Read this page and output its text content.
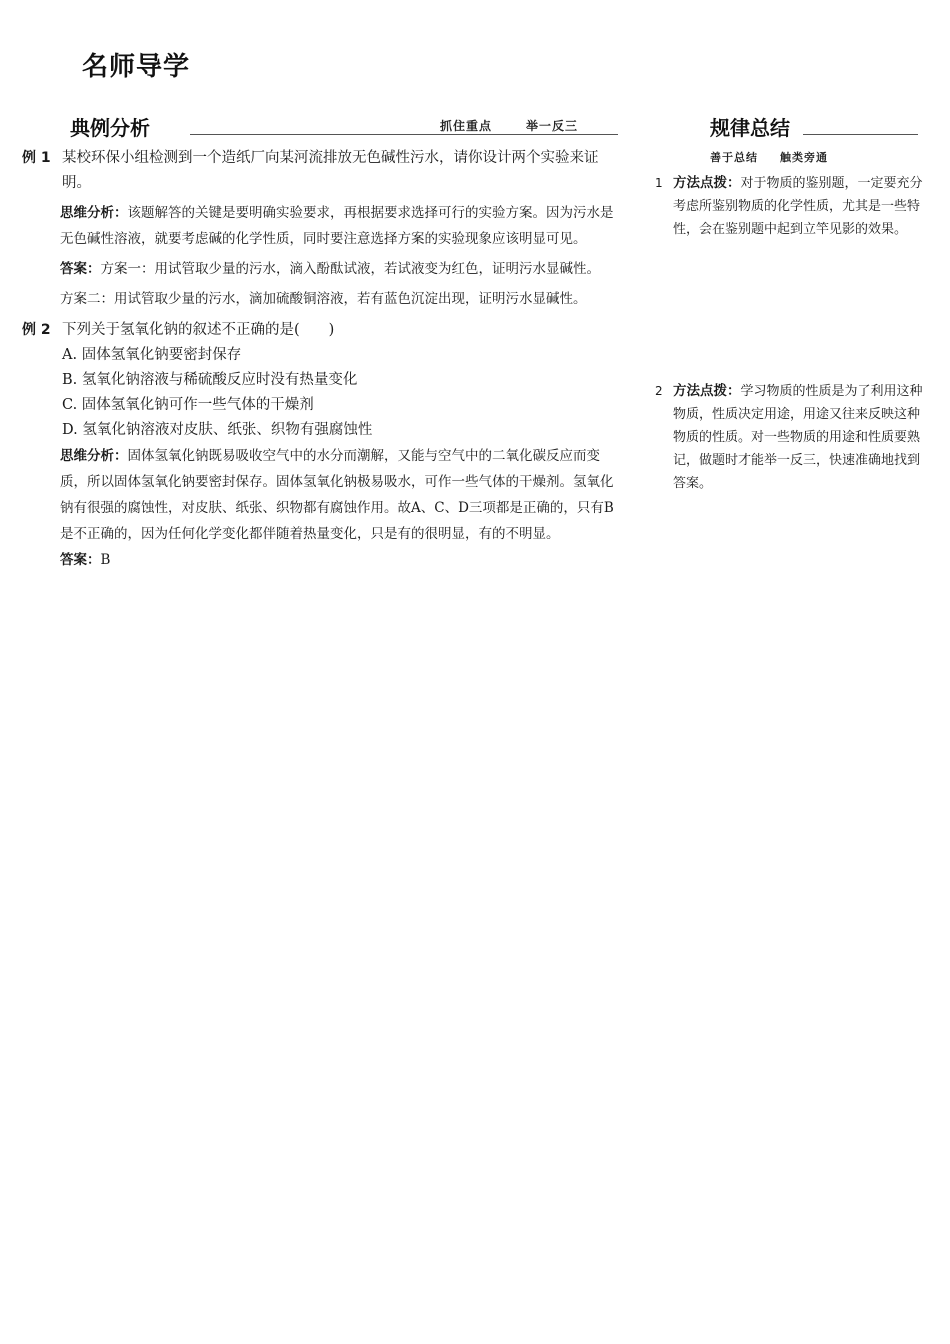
名师导学
典例分析	抓住重点	举一反三	规律总结
善于总结 触类旁通
例 1 某校环保小组检测到一个造纸厂向某河流排放无色碱性污水，请你设计两个实验来证明。

思维分析：该题解答的关键是要明确实验要求，再根据要求选择可行的实验方案。因为污水是无色碱性溶液，就要考虑碱的化学性质，同时要注意选择方案的实验现象应该明显可见。
答案：方案一：用试管取少量的污水，滴入酚酞试液，若试液变为红色，证明污水显碱性。
方案二：用试管取少量的污水，滴加硫酸铜溶液，若有蓝色沉淀出现，证明污水显碱性。
例 2 下列关于氢氧化钠的叙述不正确的是(　　)

A. 固体氢氧化钠要密封保存

B. 氢氧化钠溶液与稀硫酸反应时没有热量变化

C. 固体氢氧化钠可作一些气体的干燥剂

D. 氢氧化钠溶液对皮肤、纸张、织物有强腐蚀性

思维分析：固体氢氧化钠既易吸收空气中的水分而潮解，又能与空气中的二氧化碳反应而变质，所以固体氢氧化钠要密封保存。固体氢氧化钠极易吸水，可作一些气体的干燥剂。氢氧化钠有很强的腐蚀性，对皮肤、纸张、织物都有腐蚀作用。故A、C、D三项都是正确的，只有B是不正确的，因为任何化学变化都伴随着热量变化，只是有的很明显，有的不明显。
答案：B
1 方法点拨：对于物质的鉴别题，一定要充分考虑所鉴别物质的化学性质，尤其是一些特性，会在鉴别题中起到立竿见影的效果。
2 方法点拨：学习物质的性质是为了利用这种物质，性质决定用途，用途又往来反映这种物质的性质。对一些物质的用途和性质要熟记，做题时才能举一反三，快速准确地找到答案。
